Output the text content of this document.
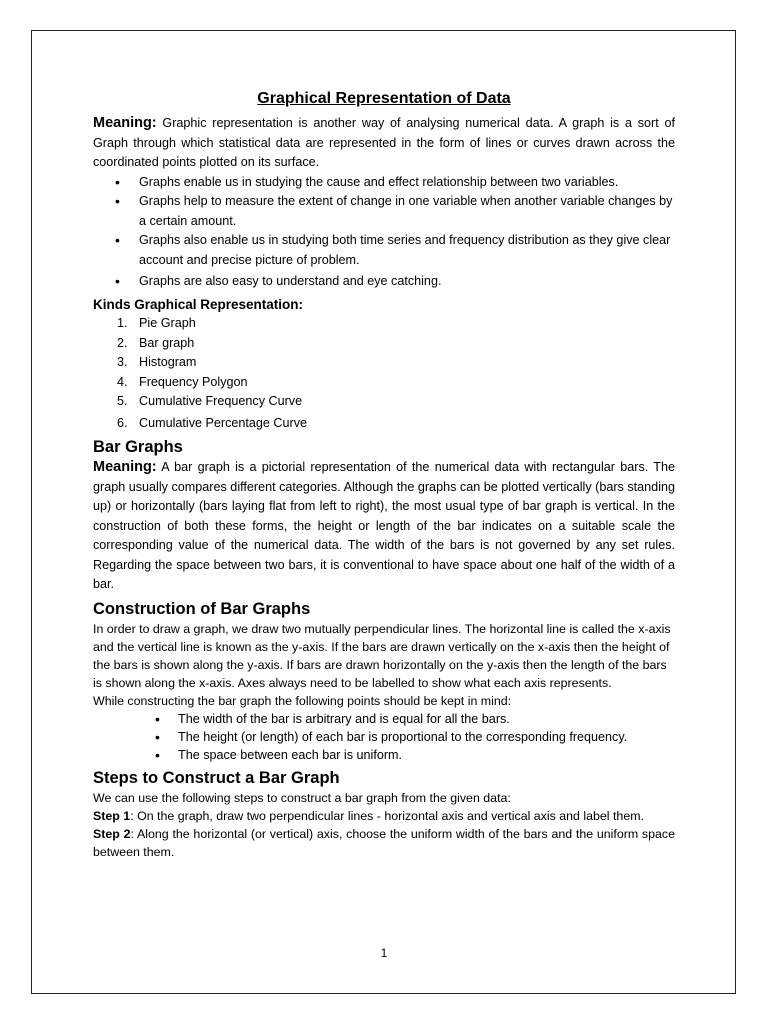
Graphical Representation of Data

Meaning: Graphic representation is another way of analysing numerical data. A graph is a sort of Graph through which statistical data are represented in the form of lines or curves drawn across the coordinated points plotted on its surface.

• Graphs enable us in studying the cause and effect relationship between two variables.
• Graphs help to measure the extent of change in one variable when another variable changes by a certain amount.
• Graphs also enable us in studying both time series and frequency distribution as they give clear account and precise picture of problem.
• Graphs are also easy to understand and eye catching.
Kinds Graphical Representation:
1. Pie Graph
2. Bar graph
3. Histogram
4. Frequency Polygon
5. Cumulative Frequency Curve
6. Cumulative Percentage Curve
Bar Graphs

Meaning: A bar graph is a pictorial representation of the numerical data with rectangular bars. The graph usually compares different categories. Although the graphs can be plotted vertically (bars standing up) or horizontally (bars laying flat from left to right), the most usual type of bar graph is vertical. In the construction of both these forms, the height or length of the bar indicates on a suitable scale the corresponding value of the numerical data. The width of the bars is not governed by any set rules. Regarding the space between two bars, it is conventional to have space about one half of the width of a bar.

Construction of Bar Graphs

In order to draw a graph, we draw two mutually perpendicular lines. The horizontal line is called the x-axis and the vertical line is known as the y-axis. If the bars are drawn vertically on the x-axis then the height of the bars is shown along the y-axis. If bars are drawn horizontally on the y-axis then the length of the bars is shown along the x-axis. Axes always need to be labelled to show what each axis represents.

While constructing the bar graph the following points should be kept in mind:

• The width of the bar is arbitrary and is equal for all the bars.
• The height (or length) of each bar is proportional to the corresponding frequency.
• The space between each bar is uniform.
Steps to Construct a Bar Graph

We can use the following steps to construct a bar graph from the given data:

Step 1: On the graph, draw two perpendicular lines - horizontal axis and vertical axis and label them.

Step 2: Along the horizontal (or vertical) axis, choose the uniform width of the bars and the uniform space between them.

1
